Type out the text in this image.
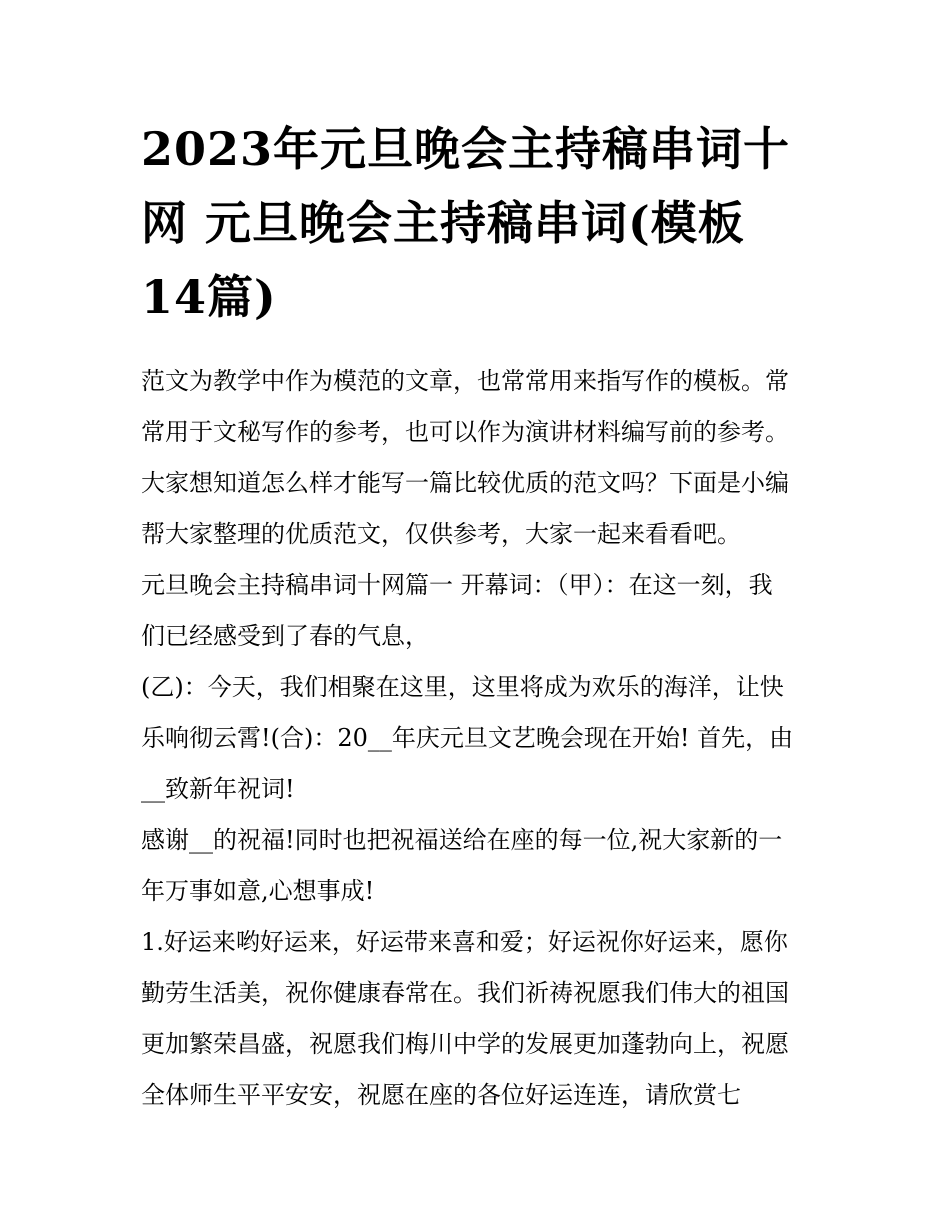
2023年元旦晚会主持稿串词十
网 元旦晚会主持稿串词(模板
14篇)
范文为教学中作为模范的文章，也常常用来指写作的模板。常
常用于文秘写作的参考，也可以作为演讲材料编写前的参考。
大家想知道怎么样才能写一篇比较优质的范文吗？下面是小编
帮大家整理的优质范文，仅供参考，大家一起来看看吧。
元旦晚会主持稿串词十网篇一 开幕词：（甲）：在这一刻，我
们已经感受到了春的气息，
(乙)：今天，我们相聚在这里，这里将成为欢乐的海洋，让快
乐响彻云霄!(合)：20__年庆元旦文艺晚会现在开始! 首先，由
__致新年祝词!
感谢__的祝福!同时也把祝福送给在座的每一位,祝大家新的一
年万事如意,心想事成!
1.好运来哟好运来，好运带来喜和爱；好运祝你好运来，愿你
勤劳生活美，祝你健康春常在。我们祈祷祝愿我们伟大的祖国
更加繁荣昌盛，祝愿我们梅川中学的发展更加蓬勃向上，祝愿
全体师生平平安安，祝愿在座的各位好运连连，请欣赏七
